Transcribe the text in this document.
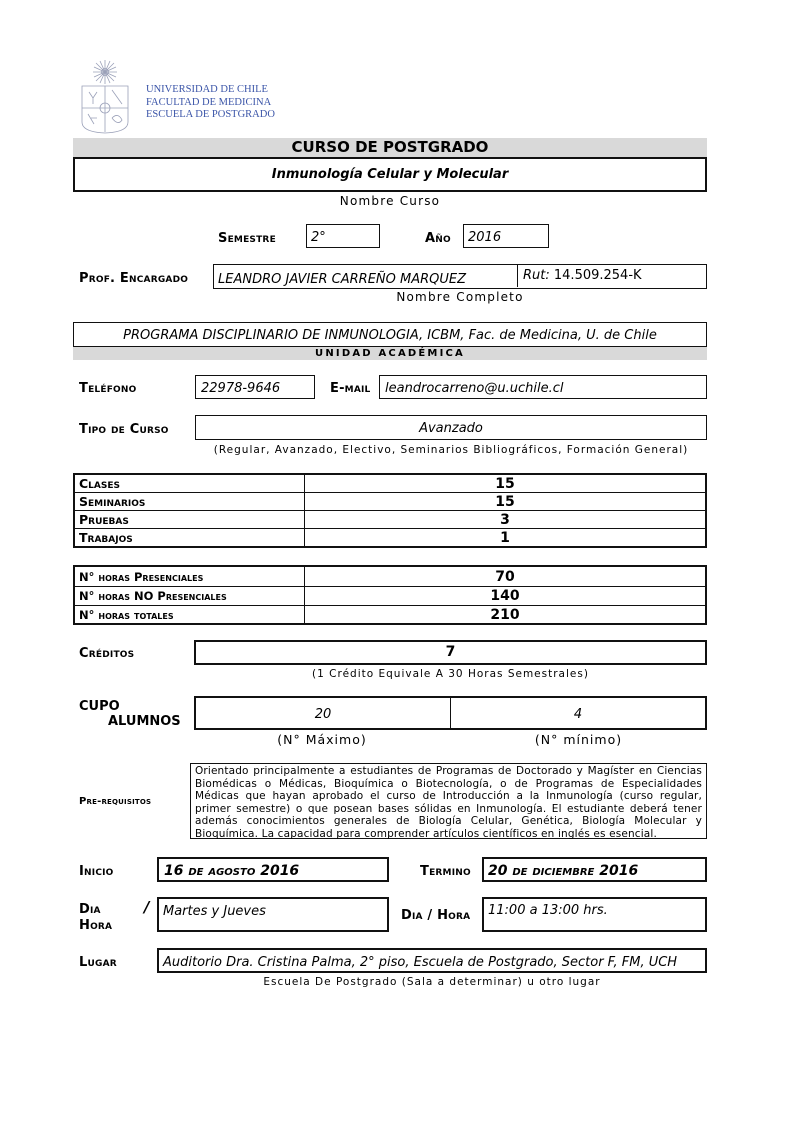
UNIVERSIDAD DE CHILE
FACULTAD DE MEDICINA
ESCUELA DE POSTGRADO
CURSO DE POSTGRADO
Inmunología Celular y Molecular
Nombre Curso
Semestre	2°	Año	2016
Prof. Encargado LEANDRO JAVIER CARREÑO MARQUEZ	Rut: 14.509.254-K
Nombre Completo
PROGRAMA DISCIPLINARIO DE INMUNOLOGIA, ICBM, Fac. de Medicina, U. de Chile
UNIDAD ACADÉMICA
Teléfono	22978-9646	E-mail	leandrocarreno@u.uchile.cl
Tipo de Curso	Avanzado
(Regular, Avanzado, Electivo, Seminarios Bibliográficos, Formación General)
Clases	15
Seminarios	15
Pruebas	3
Trabajos	1
N° horas Presenciales	70
N° horas NO Presenciales	140
N° horas totales	210
Créditos	7
(1 Crédito Equivale A 30 Horas Semestrales)
CUPO
ALUMNOS	20	4
(N° Máximo)	(N° mínimo)
Pre-requisitos
Orientado principalmente a estudiantes de Programas de Doctorado y Magíster en Ciencias Biomédicas o Médicas, Bioquímica o Biotecnología, o de Programas de Especialidades Médicas que hayan aprobado el curso de Introducción a la Inmunología (curso regular, primer semestre) o que posean bases sólidas en Inmunología. El estudiante deberá tener además conocimientos generales de Biología Celular, Genética, Biología Molecular y Bioquímica. La capacidad para comprender artículos científicos en inglés es esencial.
Inicio	16 de agosto 2016	Termino	20 de diciembre 2016
Dia	/
Hora
Martes y Jueves	Dia / Hora	11:00 a 13:00 hrs.
Lugar	Auditorio Dra. Cristina Palma, 2° piso, Escuela de Postgrado, Sector F, FM, UCH
Escuela De Postgrado (Sala a determinar) u otro lugar
